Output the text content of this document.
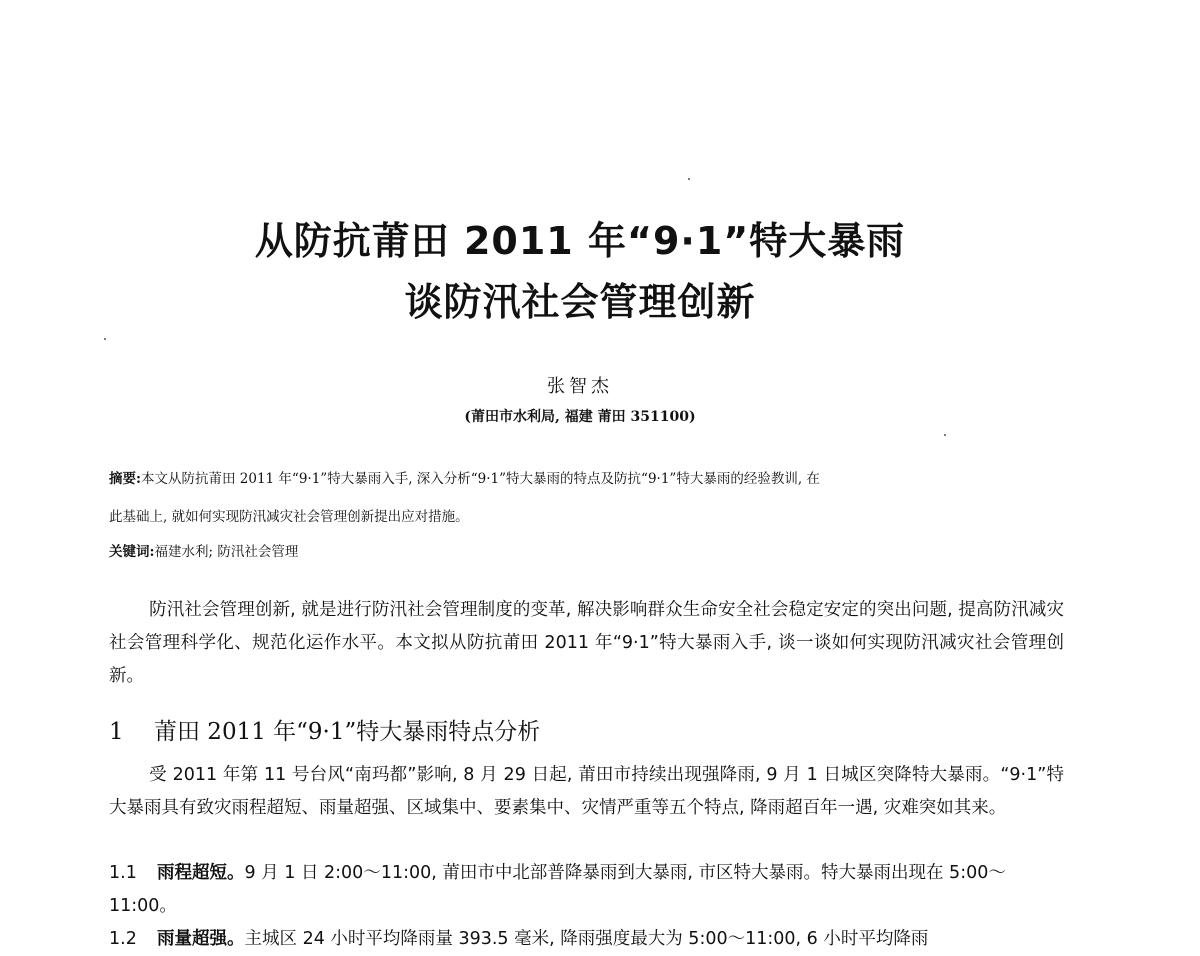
从防抗莆田 2011 年“9·1”特大暴雨
谈防汛社会管理创新
张智杰
(莆田市水利局, 福建 莆田 351100)
摘要:本文从防抗莆田 2011 年“9·1”特大暴雨入手, 深入分析“9·1”特大暴雨的特点及防抗“9·1”特大暴雨的经验教训, 在
此基础上, 就如何实现防汛减灾社会管理创新提出应对措施。
关键词:福建水利; 防汛社会管理
防汛社会管理创新, 就是进行防汛社会管理制度的变革, 解决影响群众生命安全社会稳定安定的突出问题, 提高防汛减灾社会管理科学化、规范化运作水平。本文拟从防抗莆田 2011 年“9·1”特大暴雨入手, 谈一谈如何实现防汛减灾社会管理创新。
1 莆田 2011 年“9·1”特大暴雨特点分析
受 2011 年第 11 号台风“南玛都”影响, 8 月 29 日起, 莆田市持续出现强降雨, 9 月 1 日城区突降特大暴雨。“9·1”特大暴雨具有致灾雨程超短、雨量超强、区域集中、要素集中、灾情严重等五个特点, 降雨超百年一遇, 灾难突如其来。
1.1 雨程超短。9 月 1 日 2:00～11:00, 莆田市中北部普降暴雨到大暴雨, 市区特大暴雨。特大暴雨出现在 5:00～11:00。
1.2 雨量超强。主城区 24 小时平均降雨量 393.5 毫米, 降雨强度最大为 5:00～11:00, 6 小时平均降雨
